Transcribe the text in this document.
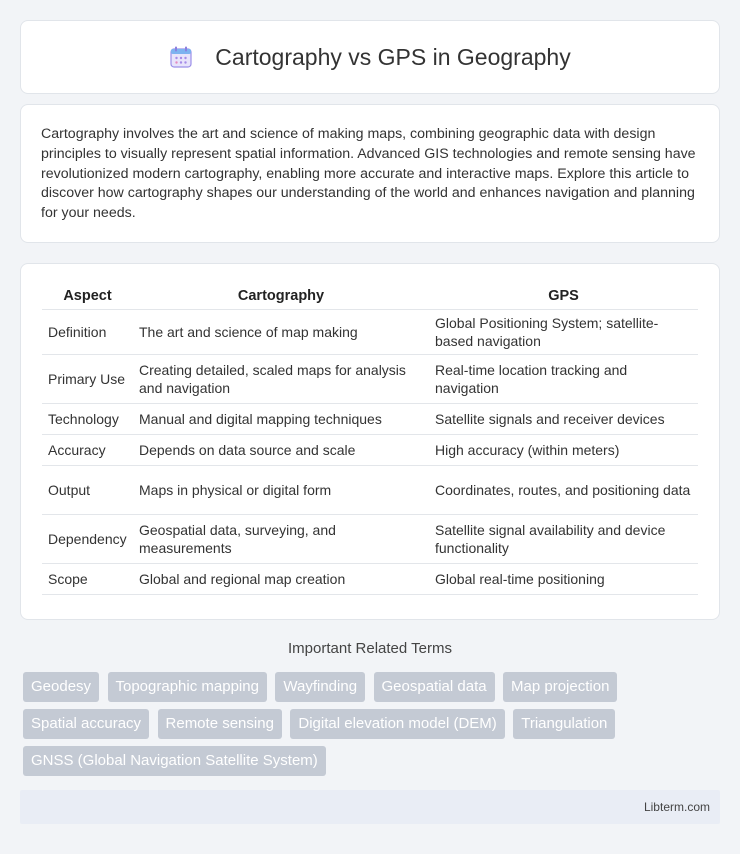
Cartography vs GPS in Geography

Cartography involves the art and science of making maps, combining geographic data with design principles to visually represent spatial information. Advanced GIS technologies and remote sensing have revolutionized modern cartography, enabling more accurate and interactive maps. Explore this article to discover how cartography shapes our understanding of the world and enhances navigation and planning for your needs.

Aspect	Cartography	GPS
Definition	The art and science of map making	Global Positioning System; satellite-based navigation
Primary Use	Creating detailed, scaled maps for analysis and navigation	Real-time location tracking and navigation
Technology	Manual and digital mapping techniques	Satellite signals and receiver devices
Accuracy	Depends on data source and scale	High accuracy (within meters)
Output	Maps in physical or digital form	Coordinates, routes, and positioning data
Dependency	Geospatial data, surveying, and measurements	Satellite signal availability and device functionality
Scope	Global and regional map creation	Global real-time positioning
Important Related Terms
Geodesy Topographic mapping Wayfinding Geospatial data Map projection Spatial accuracy Remote sensing Digital elevation model (DEM) Triangulation GNSS (Global Navigation Satellite System)
Libterm.com
